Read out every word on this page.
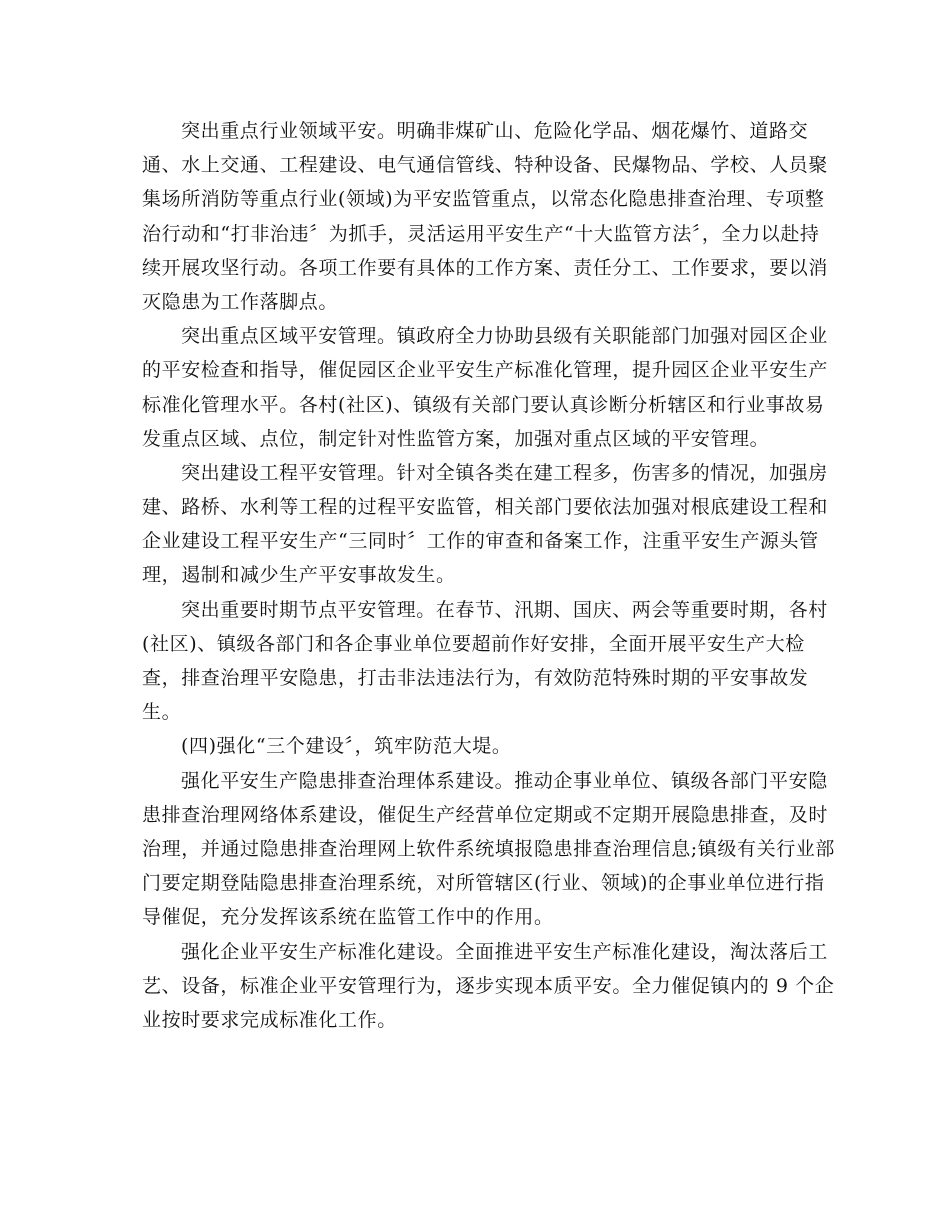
突出重点行业领域平安。明确非煤矿山、危险化学品、烟花爆竹、道路交
通、水上交通、工程建设、电气通信管线、特种设备、民爆物品、学校、人员聚
集场所消防等重点行业(领域)为平安监管重点，以常态化隐患排查治理、专项整
治行动和“打非治违〞为抓手，灵活运用平安生产“十大监管方法〞，全力以赴持
续开展攻坚行动。各项工作要有具体的工作方案、责任分工、工作要求，要以消
灭隐患为工作落脚点。
突出重点区域平安管理。镇政府全力协助县级有关职能部门加强对园区企业
的平安检查和指导，催促园区企业平安生产标准化管理，提升园区企业平安生产
标准化管理水平。各村(社区)、镇级有关部门要认真诊断分析辖区和行业事故易
发重点区域、点位，制定针对性监管方案，加强对重点区域的平安管理。
突出建设工程平安管理。针对全镇各类在建工程多，伤害多的情况，加强房
建、路桥、水利等工程的过程平安监管，相关部门要依法加强对根底建设工程和
企业建设工程平安生产“三同时〞工作的审查和备案工作，注重平安生产源头管
理，遏制和减少生产平安事故发生。
突出重要时期节点平安管理。在春节、汛期、国庆、两会等重要时期，各村
(社区)、镇级各部门和各企事业单位要超前作好安排，全面开展平安生产大检
查，排查治理平安隐患，打击非法违法行为，有效防范特殊时期的平安事故发
生。
(四)强化“三个建设〞，筑牢防范大堤。
强化平安生产隐患排查治理体系建设。推动企事业单位、镇级各部门平安隐
患排查治理网络体系建设，催促生产经营单位定期或不定期开展隐患排查，及时
治理，并通过隐患排查治理网上软件系统填报隐患排查治理信息;镇级有关行业部
门要定期登陆隐患排查治理系统，对所管辖区(行业、领域)的企事业单位进行指
导催促，充分发挥该系统在监管工作中的作用。
强化企业平安生产标准化建设。全面推进平安生产标准化建设，淘汰落后工
艺、设备，标准企业平安管理行为，逐步实现本质平安。全力催促镇内的 9 个企
业按时要求完成标准化工作。
